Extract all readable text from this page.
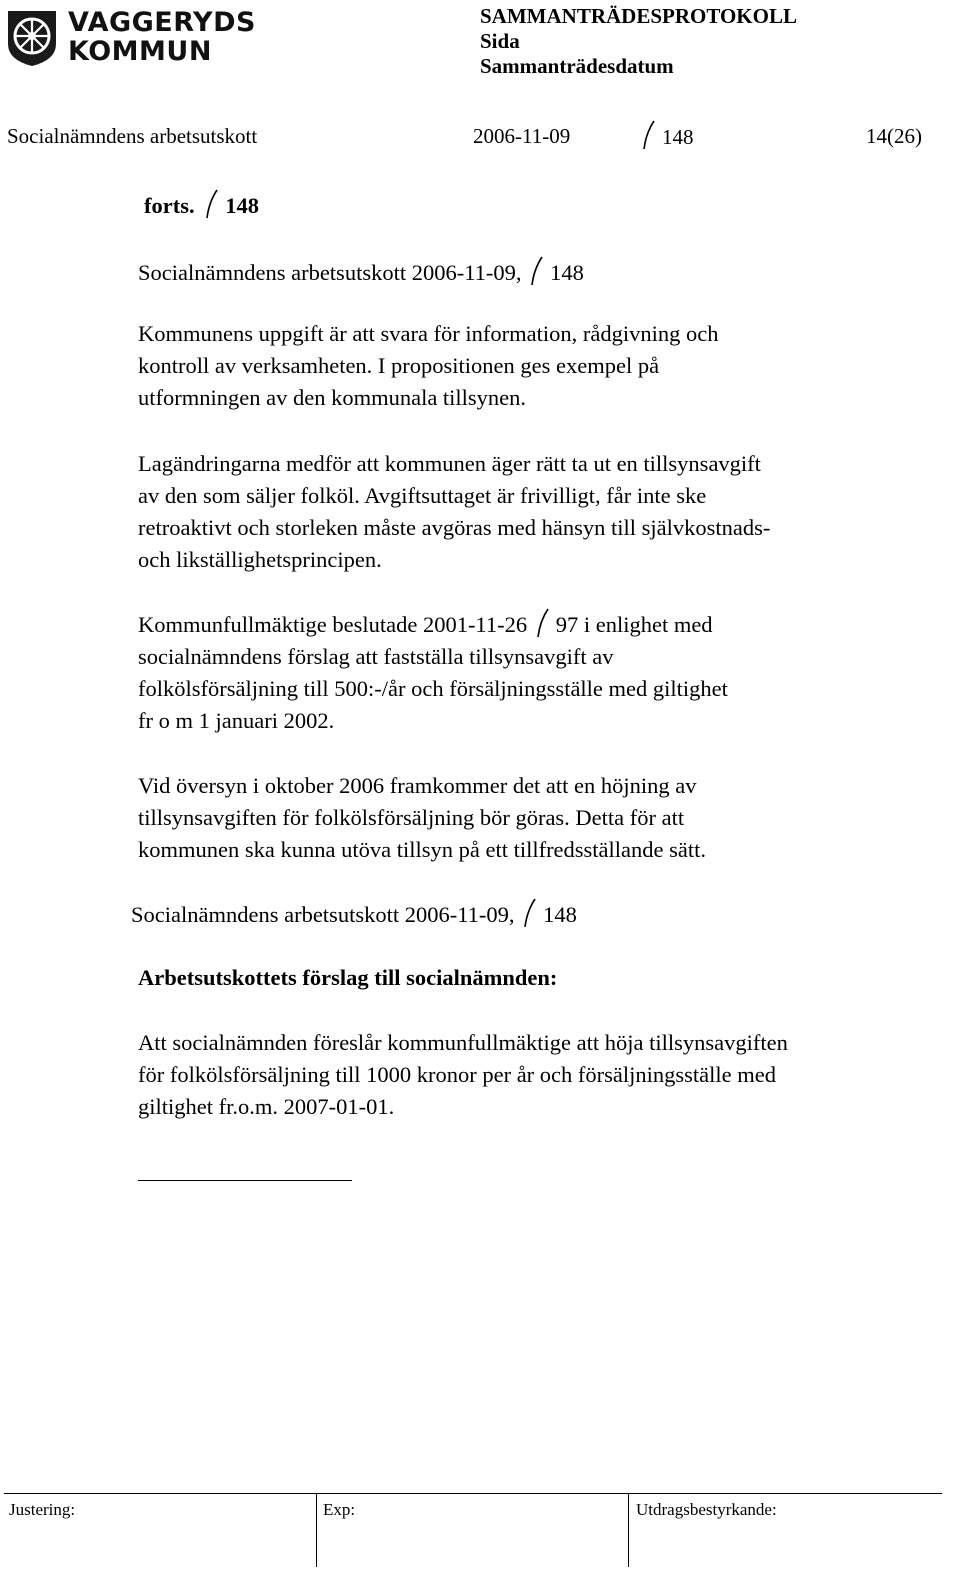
VAGGERYDS
KOMMUN
SAMMANTRÄDESPROTOKOLL
Sida
Sammanträdesdatum
Socialnämndens arbetsutskott	2006-11-09	148	14(26)
forts. 148
Socialnämndens arbetsutskott 2006-11-09, 148
Kommunens uppgift är att svara för information, rådgivning och
kontroll av verksamheten. I propositionen ges exempel på
utformningen av den kommunala tillsynen.
Lagändringarna medför att kommunen äger rätt ta ut en tillsynsavgift
av den som säljer folköl. Avgiftsuttaget är frivilligt, får inte ske
retroaktivt och storleken måste avgöras med hänsyn till självkostnads-
och likställighetsprincipen.
Kommunfullmäktige beslutade 2001-11-26 97 i enlighet med
socialnämndens förslag att fastställa tillsynsavgift av
folkölsförsäljning till 500:-/år och försäljningsställe med giltighet
fr o m 1 januari 2002.
Vid översyn i oktober 2006 framkommer det att en höjning av
tillsynsavgiften för folkölsförsäljning bör göras. Detta för att
kommunen ska kunna utöva tillsyn på ett tillfredsställande sätt.
Socialnämndens arbetsutskott 2006-11-09, 148
Arbetsutskottets förslag till socialnämnden:
Att socialnämnden föreslår kommunfullmäktige att höja tillsynsavgiften
för folkölsförsäljning till 1000 kronor per år och försäljningsställe med
giltighet fr.o.m. 2007-01-01.
Justering:	Exp:	Utdragsbestyrkande:
